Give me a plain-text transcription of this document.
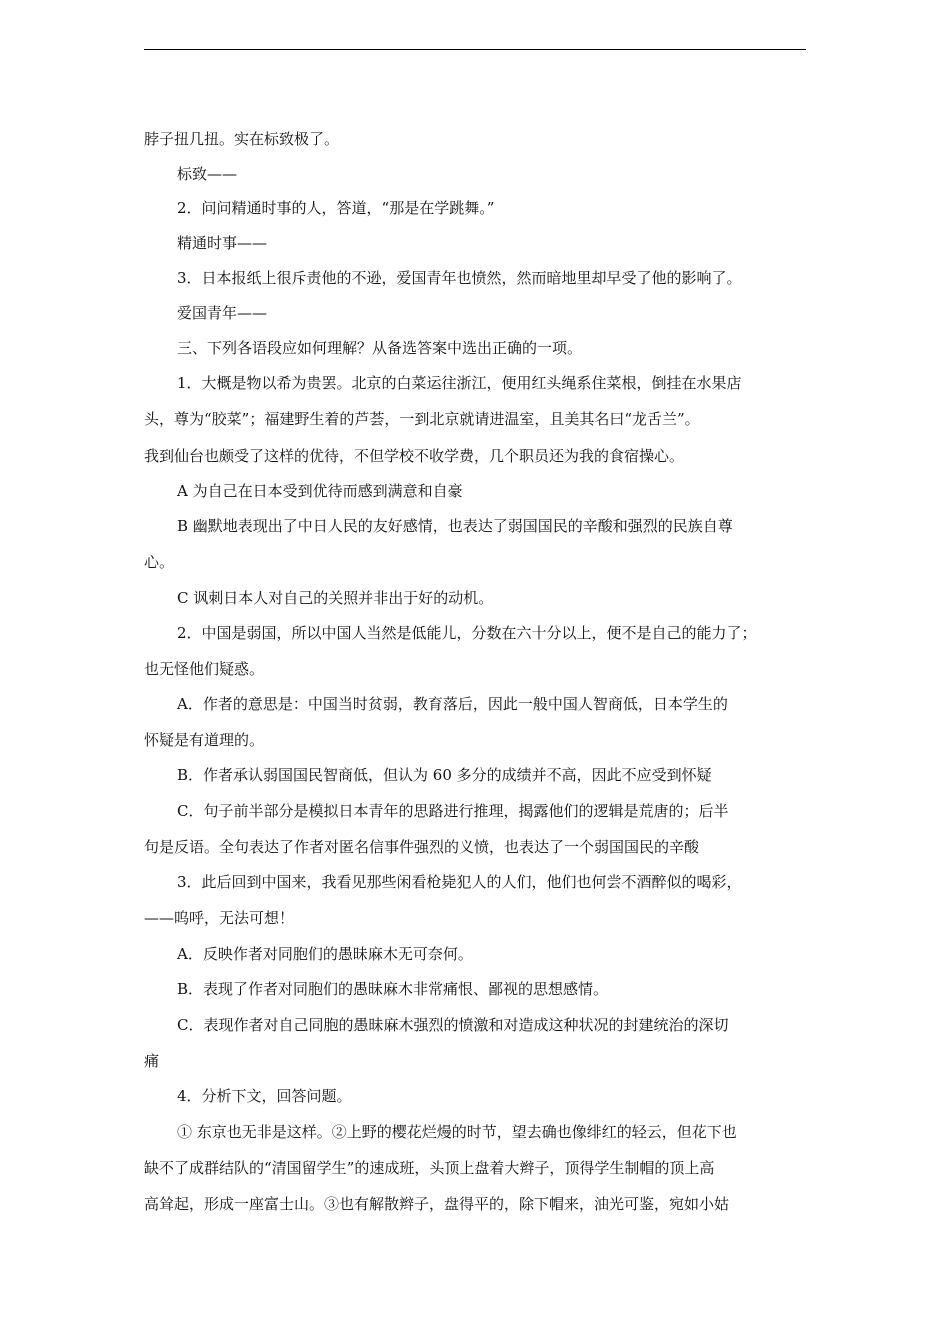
脖子扭几扭。实在标致极了。
标致——
2．问问精通时事的人，答道，“那是在学跳舞。”
精通时事——
3．日本报纸上很斥责他的不逊，爱国青年也愤然，然而暗地里却早受了他的影响了。
爱国青年——
三、下列各语段应如何理解？从备选答案中选出正确的一项。
1．大概是物以希为贵罢。北京的白菜运往浙江，便用红头绳系住菜根，倒挂在水果店
头，尊为“胶菜”；福建野生着的芦荟，一到北京就请进温室，且美其名曰“龙舌兰”。
我到仙台也颇受了这样的优待，不但学校不收学费，几个职员还为我的食宿操心。
A 为自己在日本受到优待而感到满意和自豪
B 幽默地表现出了中日人民的友好感情，也表达了弱国国民的辛酸和强烈的民族自尊
心。
C 讽刺日本人对自己的关照并非出于好的动机。
2．中国是弱国，所以中国人当然是低能儿，分数在六十分以上，便不是自己的能力了；
也无怪他们疑惑。
A．作者的意思是：中国当时贫弱，教育落后，因此一般中国人智商低，日本学生的
怀疑是有道理的。
B．作者承认弱国国民智商低，但认为 60 多分的成绩并不高，因此不应受到怀疑
C．句子前半部分是模拟日本青年的思路进行推理，揭露他们的逻辑是荒唐的；后半
句是反语。全句表达了作者对匿名信事件强烈的义愤，也表达了一个弱国国民的辛酸
3．此后回到中国来，我看见那些闲看枪毙犯人的人们，他们也何尝不酒醉似的喝彩，
——呜呼，无法可想！
A．反映作者对同胞们的愚昧麻木无可奈何。
B．表现了作者对同胞们的愚昧麻木非常痛恨、鄙视的思想感情。
C．表现作者对自己同胞的愚昧麻木强烈的愤激和对造成这种状况的封建统治的深切
痛
4．分析下文，回答问题。
① 东京也无非是这样。②上野的樱花烂熳的时节，望去确也像绯红的轻云，但花下也
缺不了成群结队的“清国留学生”的速成班，头顶上盘着大辫子，顶得学生制帽的顶上高
高耸起，形成一座富士山。③也有解散辫子，盘得平的，除下帽来，油光可鉴，宛如小姑
